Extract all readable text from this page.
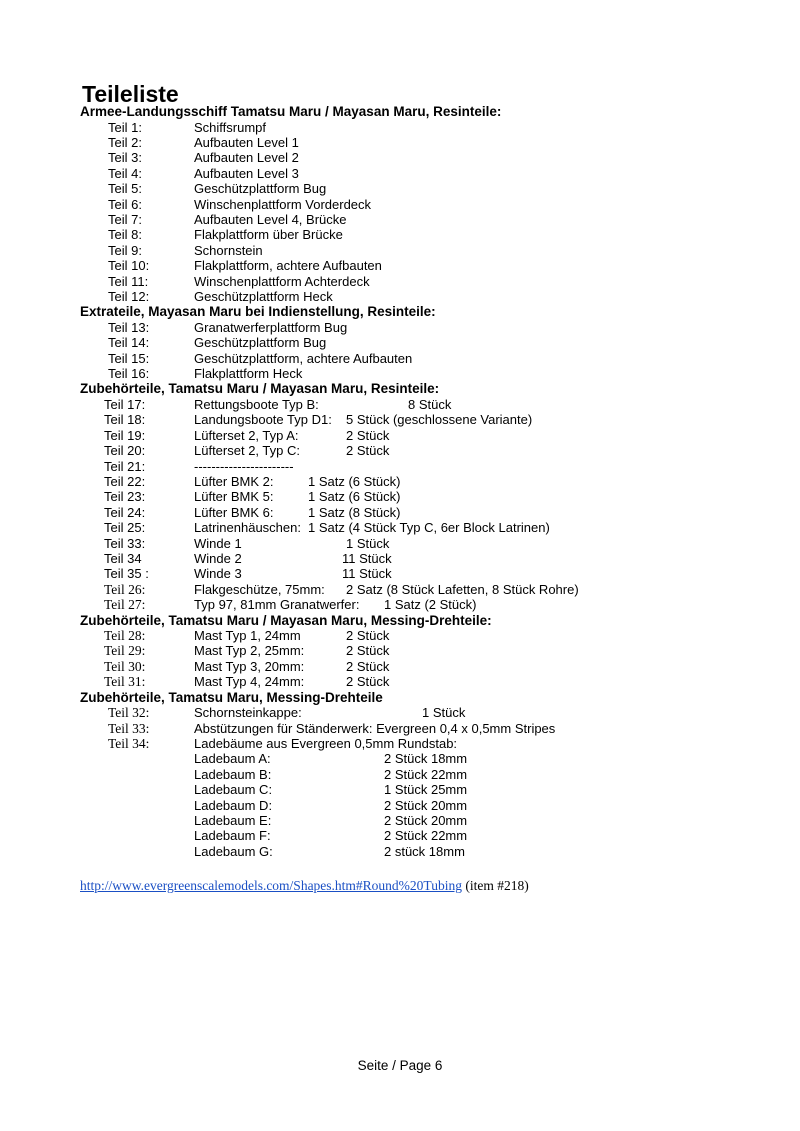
Teileliste
Armee-Landungsschiff Tamatsu Maru / Mayasan Maru, Resinteile:
Teil 1:	Schiffsrumpf
Teil 2:	Aufbauten Level 1
Teil 3:	Aufbauten Level 2
Teil 4:	Aufbauten Level 3
Teil 5:	Geschützplattform Bug
Teil 6:	Winschenplattform Vorderdeck
Teil 7:	Aufbauten Level 4, Brücke
Teil 8:	Flakplattform über Brücke
Teil 9:	Schornstein
Teil 10:	Flakplattform, achtere Aufbauten
Teil 11:	Winschenplattform Achterdeck
Teil 12:	Geschützplattform Heck
Extrateile, Mayasan Maru bei Indienstellung, Resinteile:
Teil 13:	Granatwerferplattform Bug
Teil 14:	Geschützplattform Bug
Teil 15:	Geschützplattform, achtere Aufbauten
Teil 16:	Flakplattform Heck
Zubehörteile, Tamatsu Maru / Mayasan Maru, Resinteile:
Teil 17:	Rettungsboote Typ B:	8 Stück
Teil 18:	Landungsboote Typ D1: 5 Stück (geschlossene Variante)
Teil 19:	Lüfterset 2, Typ A:	2 Stück
Teil 20:	Lüfterset 2, Typ C:	2 Stück
Teil 21:	-----------------------
Teil 22:	Lüfter BMK 2:	1 Satz (6 Stück)
Teil 23:	Lüfter BMK 5:	1 Satz (6 Stück)
Teil 24:	Lüfter BMK 6:	1 Satz (8 Stück)
Teil 25:	Latrinenhäuschen: 1 Satz (4 Stück Typ C, 6er Block Latrinen)
Teil 33:	Winde 1	1 Stück
Teil 34	Winde 2	11 Stück
Teil 35 :	Winde 3	11 Stück
Teil 26:	Flakgeschütze, 75mm: 2 Satz (8 Stück Lafetten, 8 Stück Rohre)
Teil 27:	Typ 97, 81mm Granatwerfer: 1 Satz (2 Stück)
Zubehörteile, Tamatsu Maru / Mayasan Maru, Messing-Drehteile:
Teil 28:	Mast Typ 1, 24mm	2 Stück
Teil 29:	Mast Typ 2, 25mm:	2 Stück
Teil 30:	Mast Typ 3, 20mm:	2 Stück
Teil 31:	Mast Typ 4, 24mm:	2 Stück
Zubehörteile, Tamatsu Maru, Messing-Drehteile
Teil 32:	Schornsteinkappe:	1 Stück
Teil 33:	Abstützungen für Ständerwerk: Evergreen 0,4 x 0,5mm Stripes
Teil 34:	Ladebäume aus Evergreen 0,5mm Rundstab:
Ladebaum A:	2 Stück 18mm
Ladebaum B:	2 Stück 22mm
Ladebaum C:	1 Stück 25mm
Ladebaum D:	2 Stück 20mm
Ladebaum E:	2 Stück 20mm
Ladebaum F:	2 Stück 22mm
Ladebaum G:	2 stück 18mm
http://www.evergreenscalemodels.com/Shapes.htm#Round%20Tubing (item #218)
Seite / Page 6
